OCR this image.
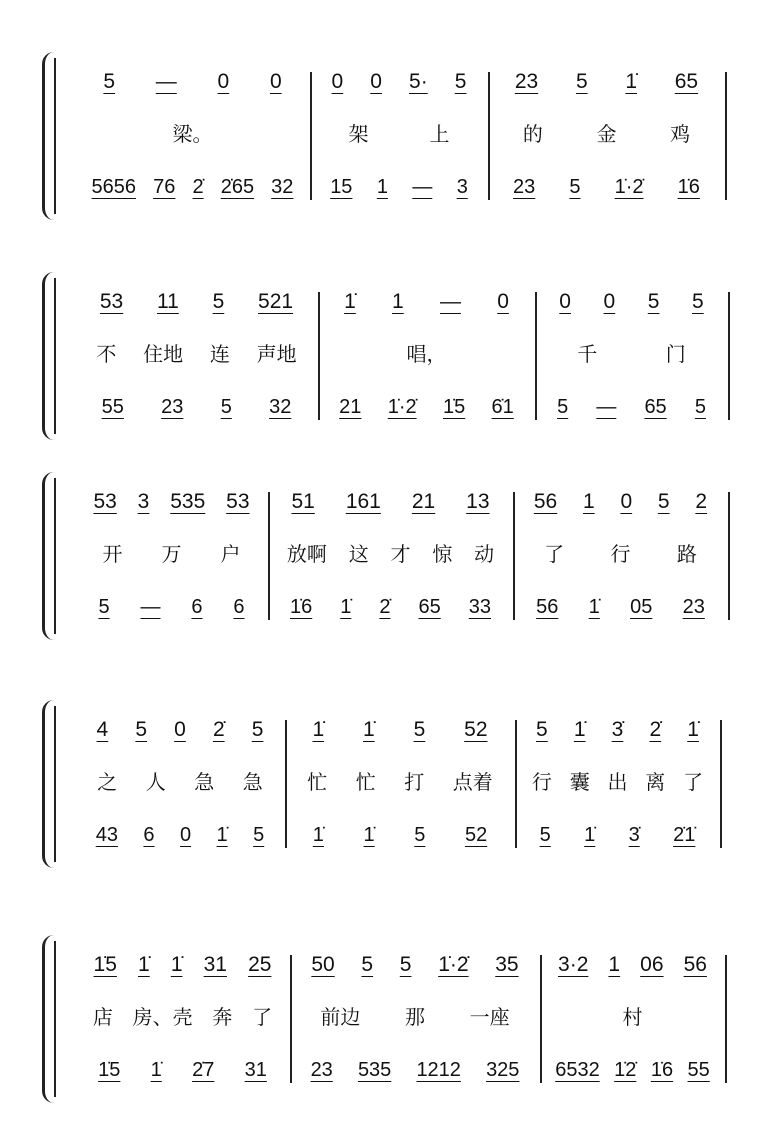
5 — 0 0
梁。
5656 76 2̇ 2̇65 32
0 0 5· 5
架	上
15 1 — 3
23 5 1̇ 65
的	金	鸡
23 5 1̇·2̇ 1̇6
53 11 5 521
不 住地 连 声地
55 23 5 32
1̇ 1 — 0
唱，
21 1̇·2̇ 1̇5 6̇1
0 0 5 5
千	门
5 — 65 5
53 3 535 53
开 万 户
5 — 6 6
51 161 21 13
放啊 这 才 惊 动
1̇6 1̇ 2̇ 65 33
56 1 0 5 2
了 行 路
56 1̇ 05 23
4 5 0 2̇ 5
之 人 急 急
43 6 0 1̇ 5
1̇ 1̇ 5 52
忙 忙 打 点着
1̇ 1̇ 5 52
5 1̇ 3̇ 2̇ 1̇
行 囊 出 离 了
5 1̇ 3̇ 2̇1̇
1̇5 1̇ 1̇ 31 25
店 房、壳 奔 了
1̇5 1̇ 2̇7 31
50 5 5 1̇·2̇ 35
前边 那 一座
23 535 1212 325
3·2 1 06 56
村
6532 1̇2̇ 1̇6 55
